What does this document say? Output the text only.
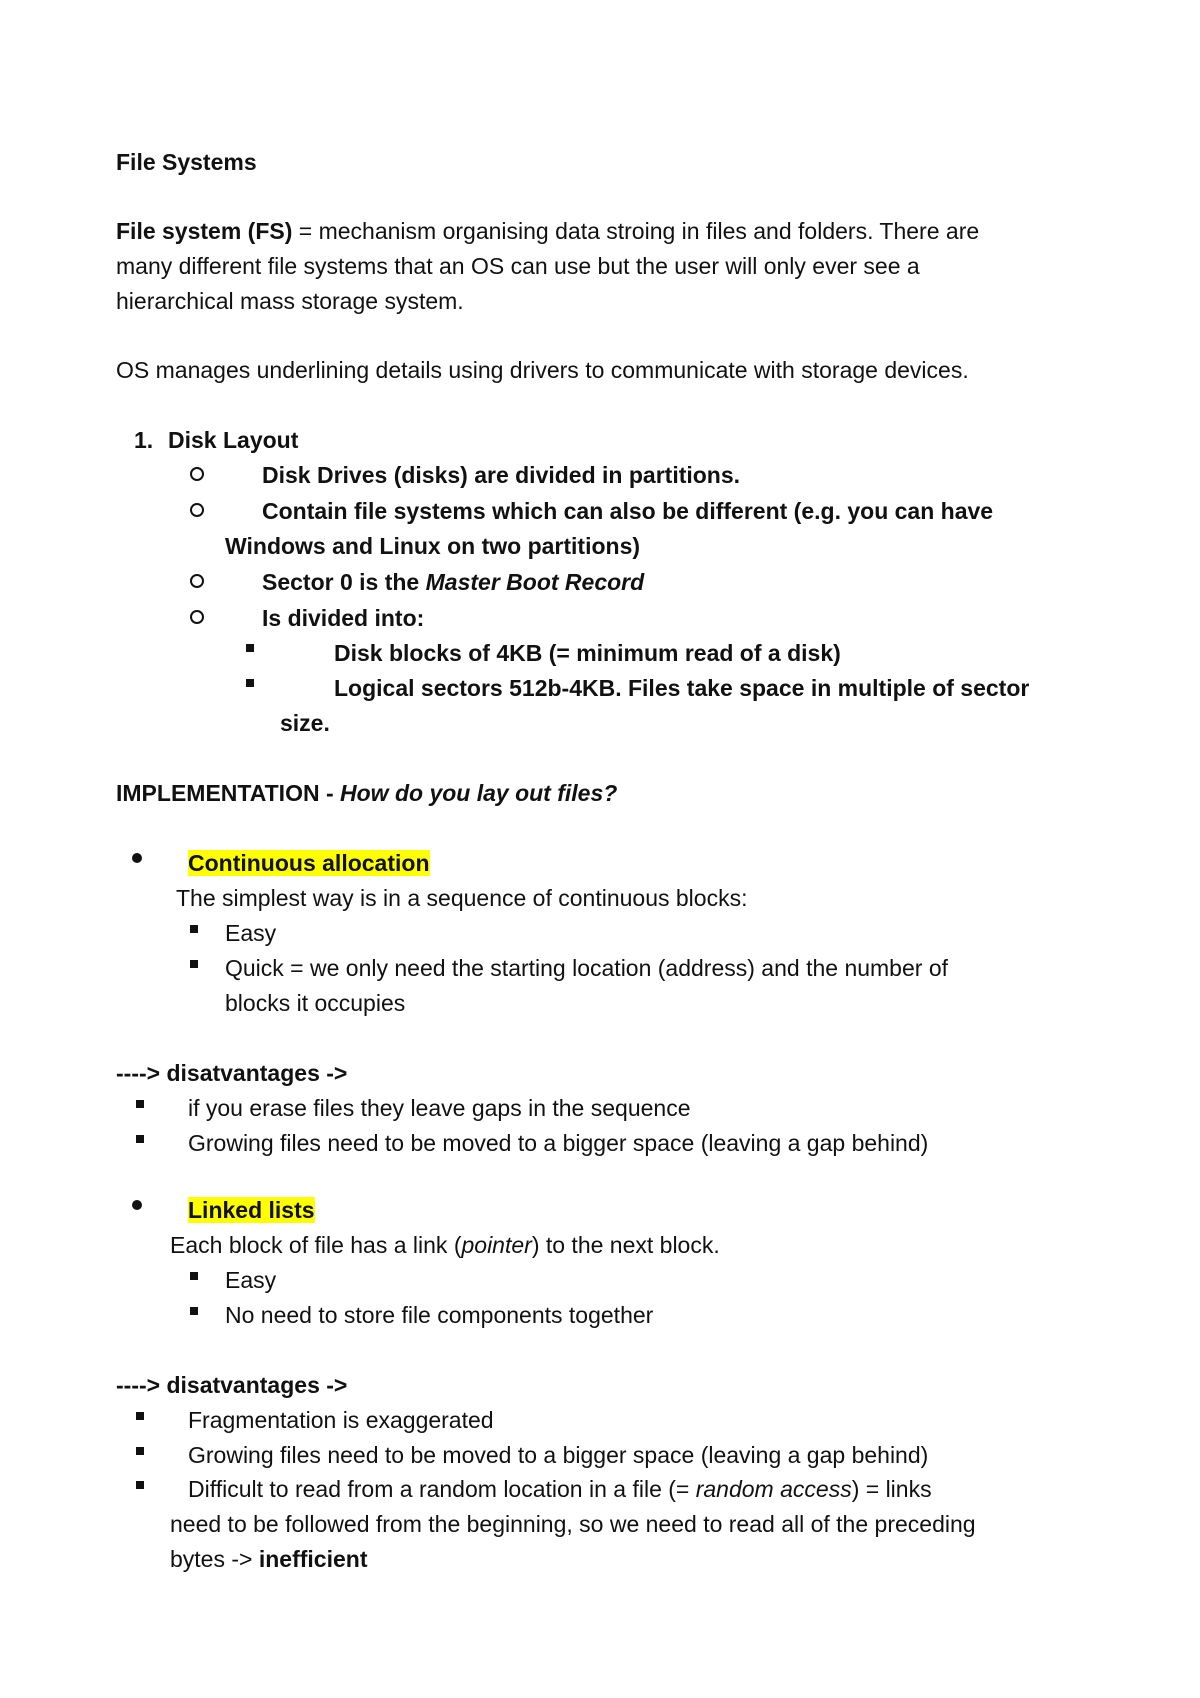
File Systems
File system (FS) = mechanism organising data stroing in files and folders. There are
many different file systems that an OS can use but the user will only ever see a
hierarchical mass storage system.
OS manages underlining details using drivers to communicate with storage devices.
1. Disk Layout
Disk Drives (disks) are divided in partitions.
Contain file systems which can also be different (e.g. you can have
Windows and Linux on two partitions)
Sector 0 is the Master Boot Record
Is divided into:
Disk blocks of 4KB (= minimum read of a disk)
Logical sectors 512b-4KB. Files take space in multiple of sector
size.
IMPLEMENTATION - How do you lay out files?
Continuous allocation
The simplest way is in a sequence of continuous blocks:
Easy
Quick = we only need the starting location (address) and the number of
blocks it occupies
----> disatvantages ->
if you erase files they leave gaps in the sequence
Growing files need to be moved to a bigger space (leaving a gap behind)
Linked lists
Each block of file has a link (pointer) to the next block.
Easy
No need to store file components together
----> disatvantages ->
Fragmentation is exaggerated
Growing files need to be moved to a bigger space (leaving a gap behind)
Difficult to read from a random location in a file (= random access) = links
need to be followed from the beginning, so we need to read all of the preceding
bytes -> inefficient
